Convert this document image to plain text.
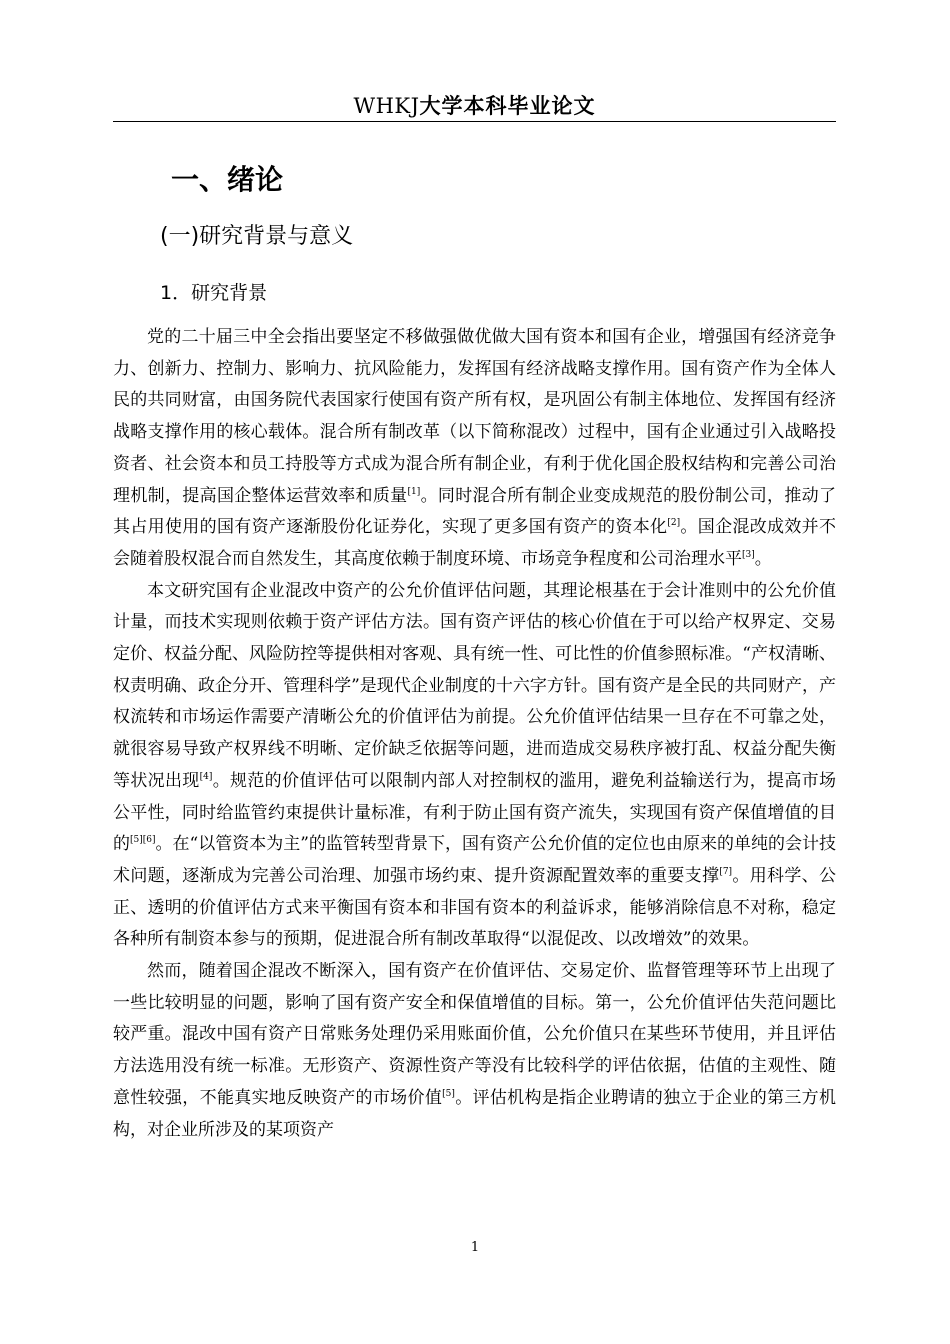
WHKJ大学本科毕业论文
一、绪论
(一)研究背景与意义
1．研究背景

党的二十届三中全会指出要坚定不移做强做优做大国有资本和国有企业，增强国有经济竞争力、创新力、控制力、影响力、抗风险能力，发挥国有经济战略支撑作用。国有资产作为全体人民的共同财富，由国务院代表国家行使国有资产所有权，是巩固公有制主体地位、发挥国有经济战略支撑作用的核心载体。混合所有制改革（以下简称混改）过程中，国有企业通过引入战略投资者、社会资本和员工持股等方式成为混合所有制企业，有利于优化国企股权结构和完善公司治理机制，提高国企整体运营效率和质量[1]。同时混合所有制企业变成规范的股份制公司，推动了其占用使用的国有资产逐渐股份化证券化，实现了更多国有资产的资本化[2]。国企混改成效并不会随着股权混合而自然发生，其高度依赖于制度环境、市场竞争程度和公司治理水平[3]。

本文研究国有企业混改中资产的公允价值评估问题，其理论根基在于会计准则中的公允价值计量，而技术实现则依赖于资产评估方法。国有资产评估的核心价值在于可以给产权界定、交易定价、权益分配、风险防控等提供相对客观、具有统一性、可比性的价值参照标准。“产权清晰、权责明确、政企分开、管理科学”是现代企业制度的十六字方针。国有资产是全民的共同财产，产权流转和市场运作需要产清晰公允的价值评估为前提。公允价值评估结果一旦存在不可靠之处，就很容易导致产权界线不明晰、定价缺乏依据等问题，进而造成交易秩序被打乱、权益分配失衡等状况出现[4]。规范的价值评估可以限制内部人对控制权的滥用，避免利益输送行为，提高市场公平性，同时给监管约束提供计量标准，有利于防止国有资产流失，实现国有资产保值增值的目的[5][6]。在“以管资本为主”的监管转型背景下，国有资产公允价值的定位也由原来的单纯的会计技术问题，逐渐成为完善公司治理、加强市场约束、提升资源配置效率的重要支撑[7]。用科学、公正、透明的价值评估方式来平衡国有资本和非国有资本的利益诉求，能够消除信息不对称，稳定各种所有制资本参与的预期，促进混合所有制改革取得“以混促改、以改增效”的效果。

然而，随着国企混改不断深入，国有资产在价值评估、交易定价、监督管理等环节上出现了一些比较明显的问题，影响了国有资产安全和保值增值的目标。第一，公允价值评估失范问题比较严重。混改中国有资产日常账务处理仍采用账面价值，公允价值只在某些环节使用，并且评估方法选用没有统一标准。无形资产、资源性资产等没有比较科学的评估依据，估值的主观性、随意性较强，不能真实地反映资产的市场价值[5]。评估机构是指企业聘请的独立于企业的第三方机构，对企业所涉及的某项资产

1
